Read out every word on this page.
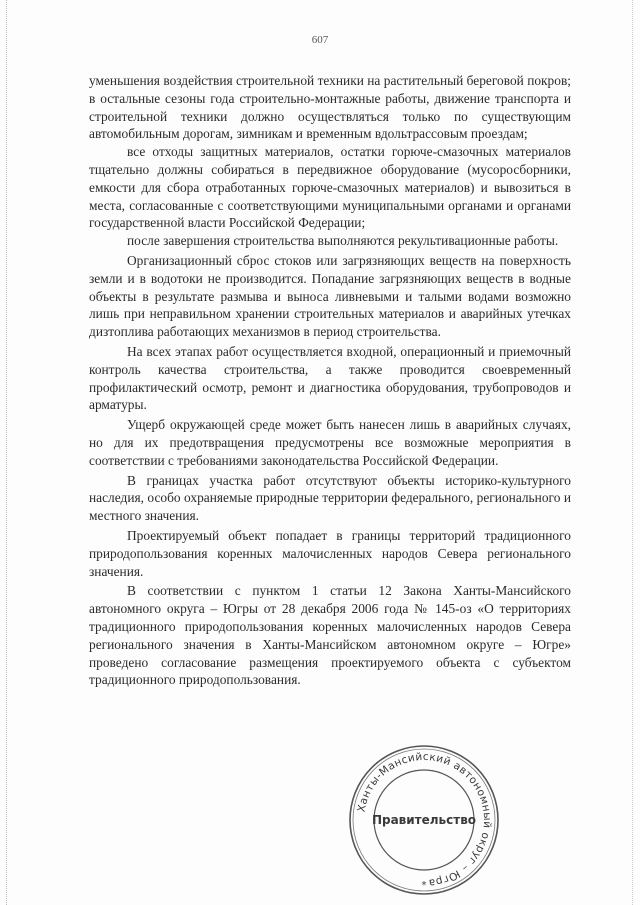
607

уменьшения воздействия строительной техники на растительный береговой покров; в остальные сезоны года строительно-монтажные работы, движение транспорта и строительной техники должно осуществляться только по существующим автомобильным дорогам, зимникам и временным вдольтрассовым проездам;

все отходы защитных материалов, остатки горюче-смазочных материалов тщательно должны собираться в передвижное оборудование (мусоросборники, емкости для сбора отработанных горюче-смазочных материалов) и вывозиться в места, согласованные с соответствующими муниципальными органами и органами государственной власти Российской Федерации;

после завершения строительства выполняются рекультивационные работы.

Организационный сброс стоков или загрязняющих веществ на поверхность земли и в водотоки не производится. Попадание загрязняющих веществ в водные объекты в результате размыва и выноса ливневыми и талыми водами возможно лишь при неправильном хранении строительных материалов и аварийных утечках дизтоплива работающих механизмов в период строительства.

На всех этапах работ осуществляется входной, операционный и приемочный контроль качества строительства, а также проводится своевременный профилактический осмотр, ремонт и диагностика оборудования, трубопроводов и арматуры.

Ущерб окружающей среде может быть нанесен лишь в аварийных случаях, но для их предотвращения предусмотрены все возможные мероприятия в соответствии с требованиями законодательства Российской Федерации.

В границах участка работ отсутствуют объекты историко-культурного наследия, особо охраняемые природные территории федерального, регионального и местного значения.

Проектируемый объект попадает в границы территорий традиционного природопользования коренных малочисленных народов Севера регионального значения.

В соответствии с пунктом 1 статьи 12 Закона Ханты-Мансийского автономного округа – Югры от 28 декабря 2006 года № 145-оз «О территориях традиционного природопользования коренных малочисленных народов Севера регионального значения в Ханты-Мансийском автономном округе – Югре» проведено согласование размещения проектируемого объекта с субъектом традиционного природопользования.

Ханты-Мансийский автономный округ – Югра
Правительство
*
